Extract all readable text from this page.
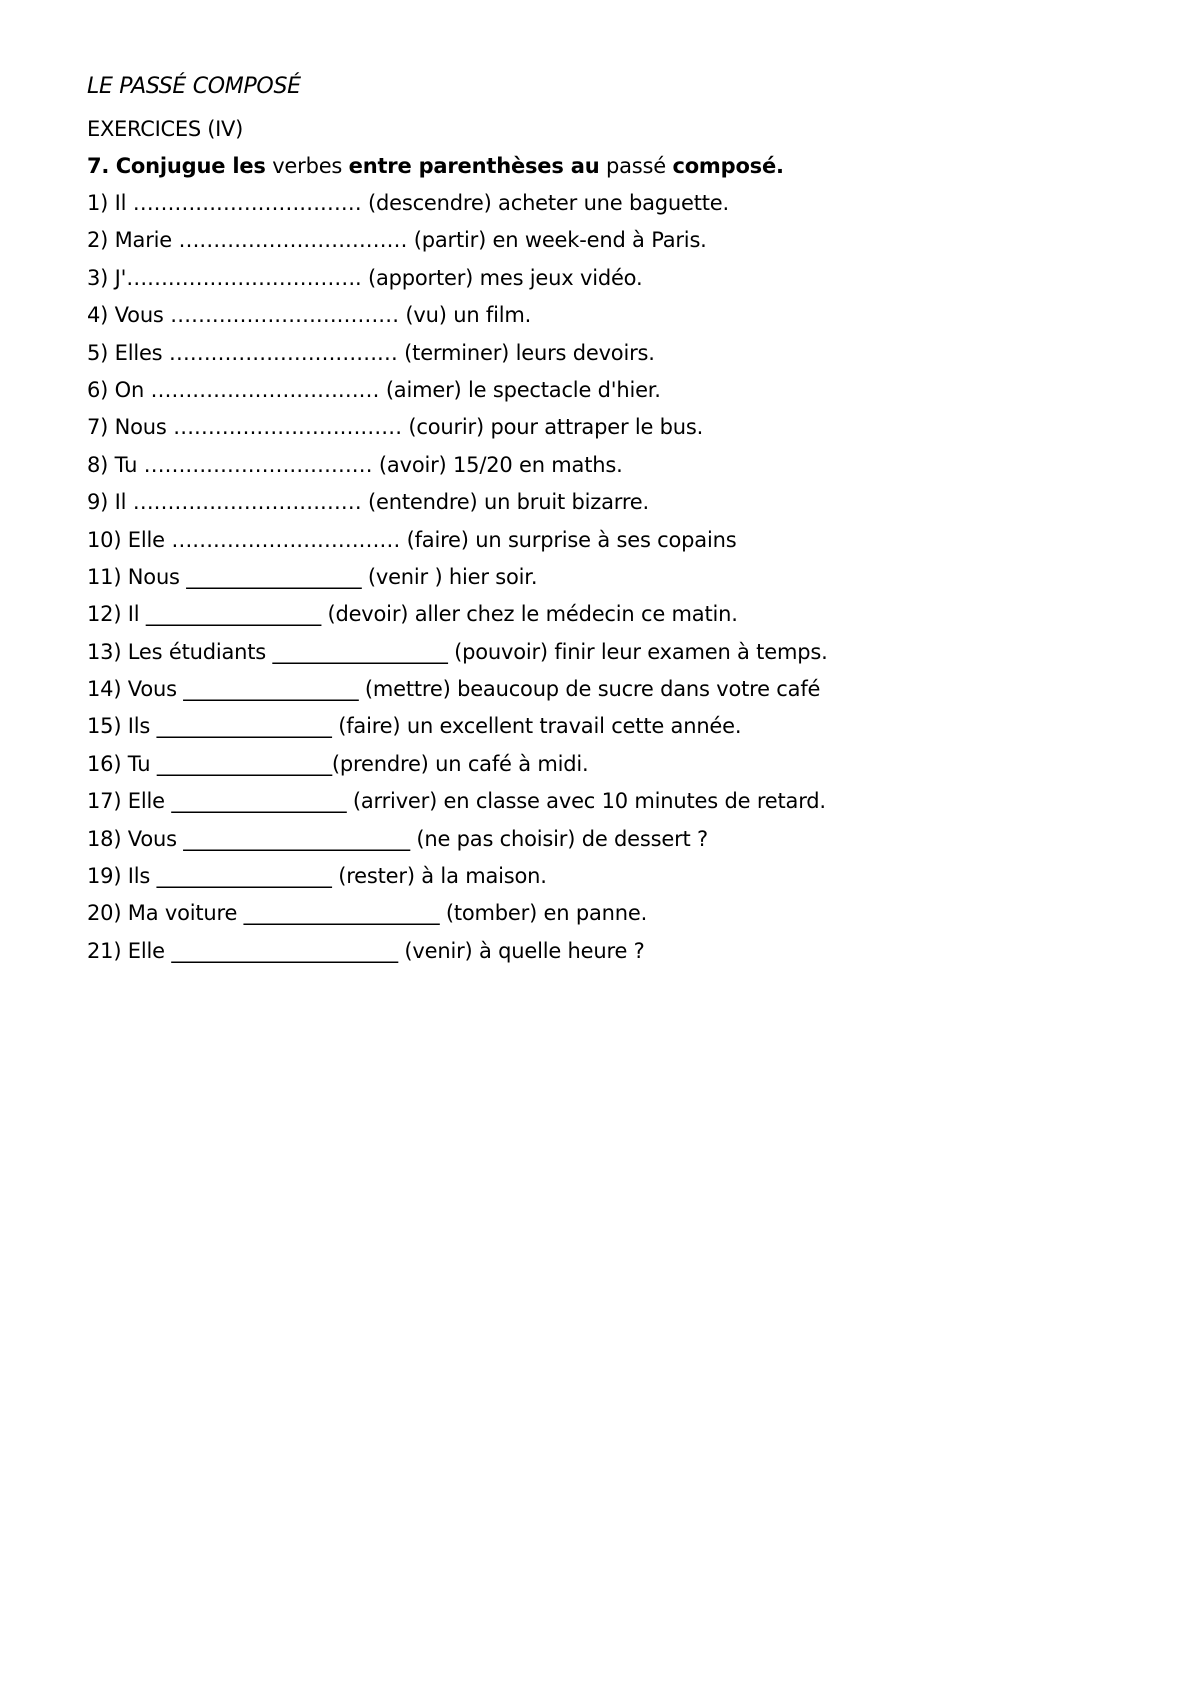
LE PASSÉ COMPOSÉ
EXERCICES (IV)
7. Conjugue les verbes entre parenthèses au passé composé.
1) Il …………………………… (descendre) acheter une baguette.
2) Marie …………………………… (partir) en week-end à Paris.
3) J'……………………………. (apporter) mes jeux vidéo.
4) Vous …………………………… (vu) un film.
5) Elles …………………………… (terminer) leurs devoirs.
6) On …………………………… (aimer) le spectacle d'hier.
7) Nous …………………………… (courir) pour attraper le bus.
8) Tu …………………………… (avoir) 15/20 en maths.
9) Il …………………………… (entendre) un bruit bizarre.
10) Elle …………………………… (faire) un surprise à ses copains
11) Nous _________________ (venir ) hier soir.
12) Il _________________ (devoir) aller chez le médecin ce matin.
13) Les étudiants _________________ (pouvoir) finir leur examen à temps.
14) Vous _________________ (mettre) beaucoup de sucre dans votre café
15) Ils _________________ (faire) un excellent travail cette année.
16) Tu _________________(prendre) un café à midi.
17) Elle _________________ (arriver) en classe avec 10 minutes de retard.
18) Vous ______________________ (ne pas choisir) de dessert ?
19) Ils _________________ (rester) à la maison.
20) Ma voiture ___________________ (tomber) en panne.
21) Elle ______________________ (venir) à quelle heure ?
